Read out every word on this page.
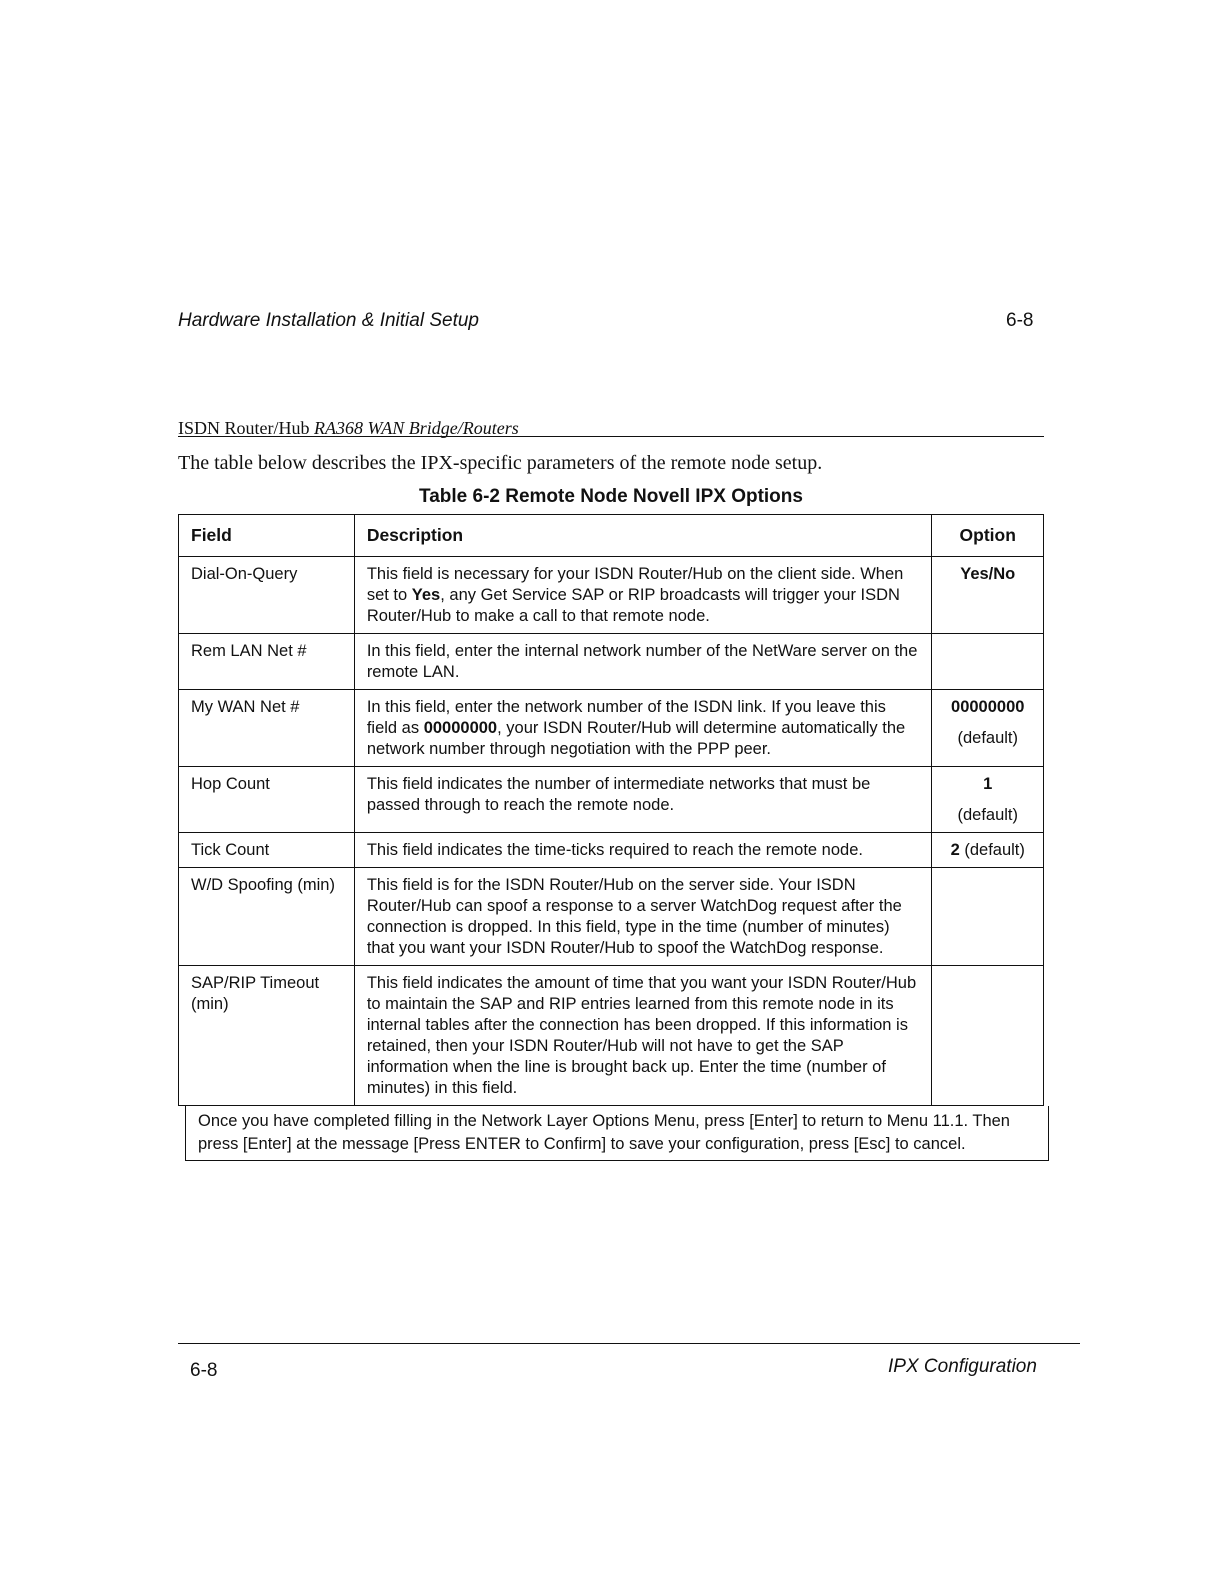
Hardware Installation & Initial Setup	6-8
ISDN Router/Hub RA368 WAN Bridge/Routers
The table below describes the IPX-specific parameters of the remote node setup.
Table 6-2 Remote Node Novell IPX Options
Field	Description	Option
Dial-On-Query	This field is necessary for your ISDN Router/Hub on the client side. When set to Yes, any Get Service SAP or RIP broadcasts will trigger your ISDN Router/Hub to make a call to that remote node.	Yes/No
Rem LAN Net #	In this field, enter the internal network number of the NetWare server on the remote LAN.	
My WAN Net #	In this field, enter the network number of the ISDN link. If you leave this field as 00000000, your ISDN Router/Hub will determine automatically the network number through negotiation with the PPP peer.	00000000
(default)

Hop Count	This field indicates the number of intermediate networks that must be passed through to reach the remote node.	1
(default)

Tick Count	This field indicates the time-ticks required to reach the remote node.	2 (default)
W/D Spoofing (min)	This field is for the ISDN Router/Hub on the server side. Your ISDN Router/Hub can spoof a response to a server WatchDog request after the connection is dropped. In this field, type in the time (number of minutes) that you want your ISDN Router/Hub to spoof the WatchDog response.	
SAP/RIP Timeout (min)	This field indicates the amount of time that you want your ISDN Router/Hub to maintain the SAP and RIP entries learned from this remote node in its internal tables after the connection has been dropped. If this information is retained, then your ISDN Router/Hub will not have to get the SAP information when the line is brought back up. Enter the time (number of minutes) in this field.	
Once you have completed filling in the Network Layer Options Menu, press [Enter] to return to Menu 11.1. Then press [Enter] at the message [Press ENTER to Confirm] to save your configuration, press [Esc] to cancel.
6-8	IPX Configuration
